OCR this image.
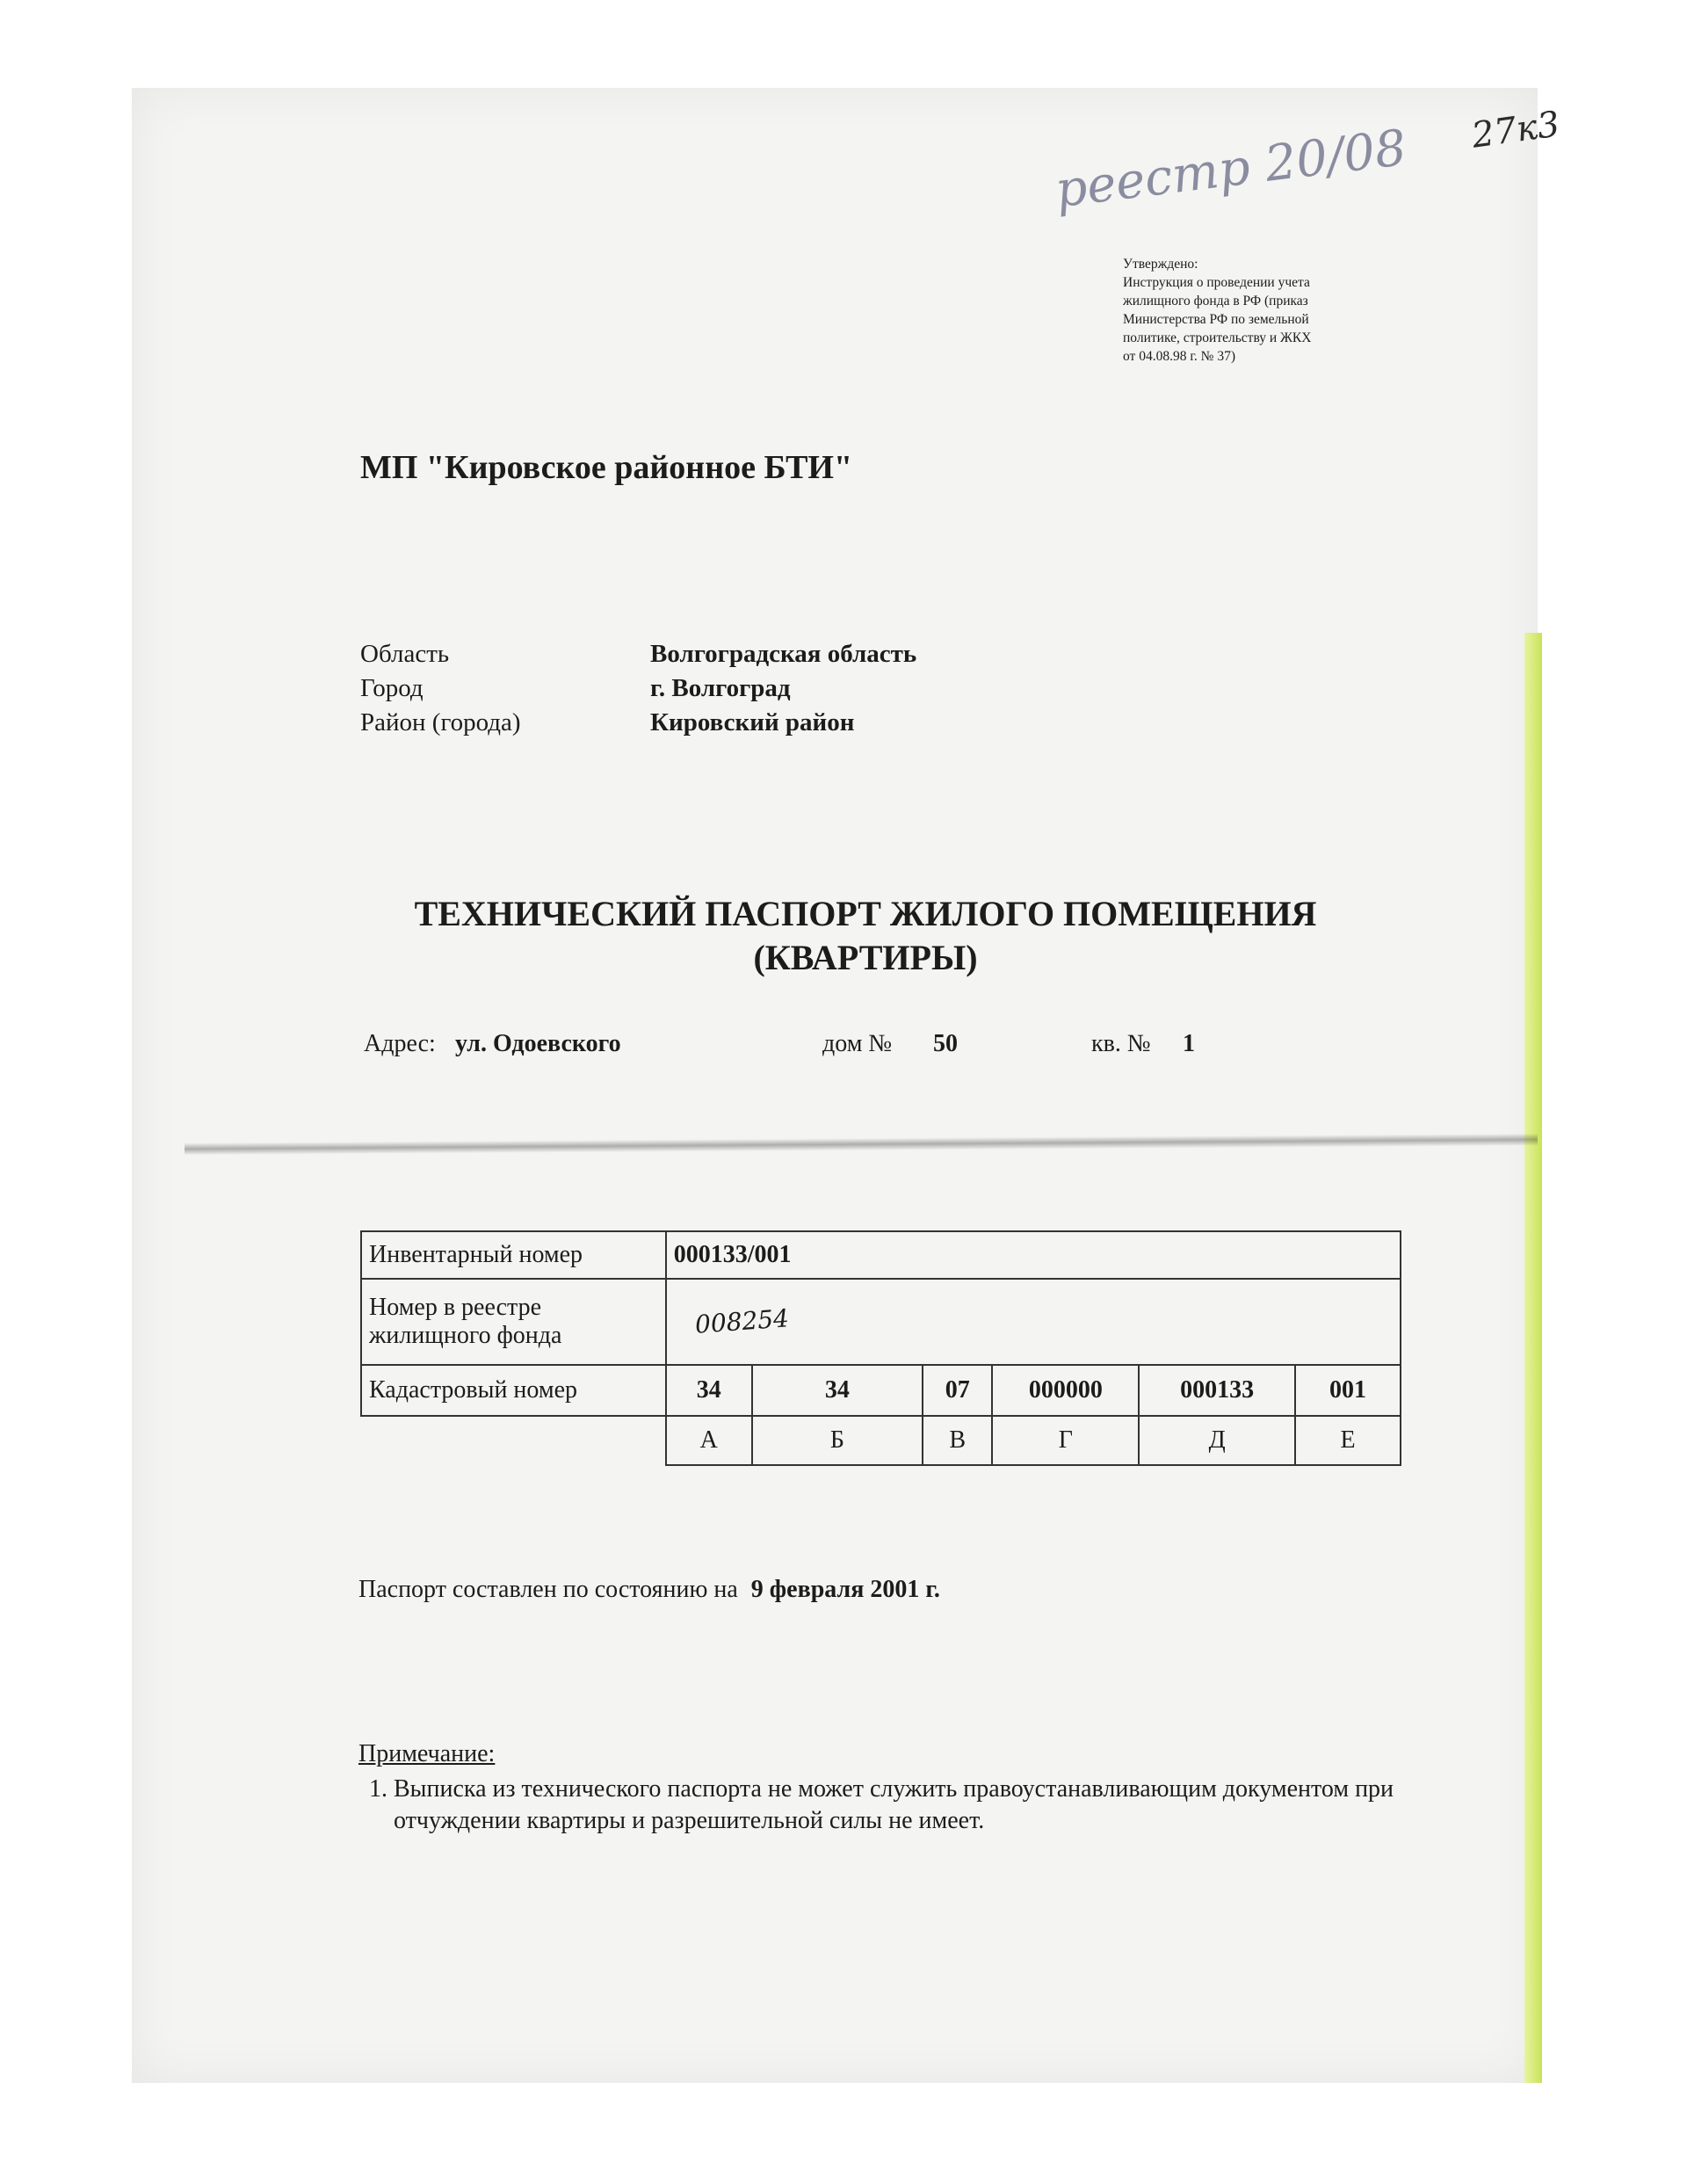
реестр 20/08 27к3
Утверждено:
Инструкция о проведении учета
жилищного фонда в РФ (приказ
Министерства РФ по земельной
политике, строительству и ЖКХ
от 04.08.98 г. № 37)
МП "Кировское районное БТИ"
Область	Волгоградская область
Город	г. Волгоград
Район (города)	Кировский район
ТЕХНИЧЕСКИЙ ПАСПОРТ ЖИЛОГО ПОМЕЩЕНИЯ
(КВАРТИРЫ)
Адрес: ул. Одоевского	дом № 50	кв. № 1
Инвентарный номер	000133/001					
Номер в реестре жилищного фонда	008254					
Кадастровый номер	34	34	07	000000	000133	001
	А	Б	В	Г	Д	Е
Паспорт составлен по состоянию на 9 февраля 2001 г.
Примечание:
1. Выписка из технического паспорта не может служить правоустанавливающим документом при отчуждении квартиры и разрешительной силы не имеет.
